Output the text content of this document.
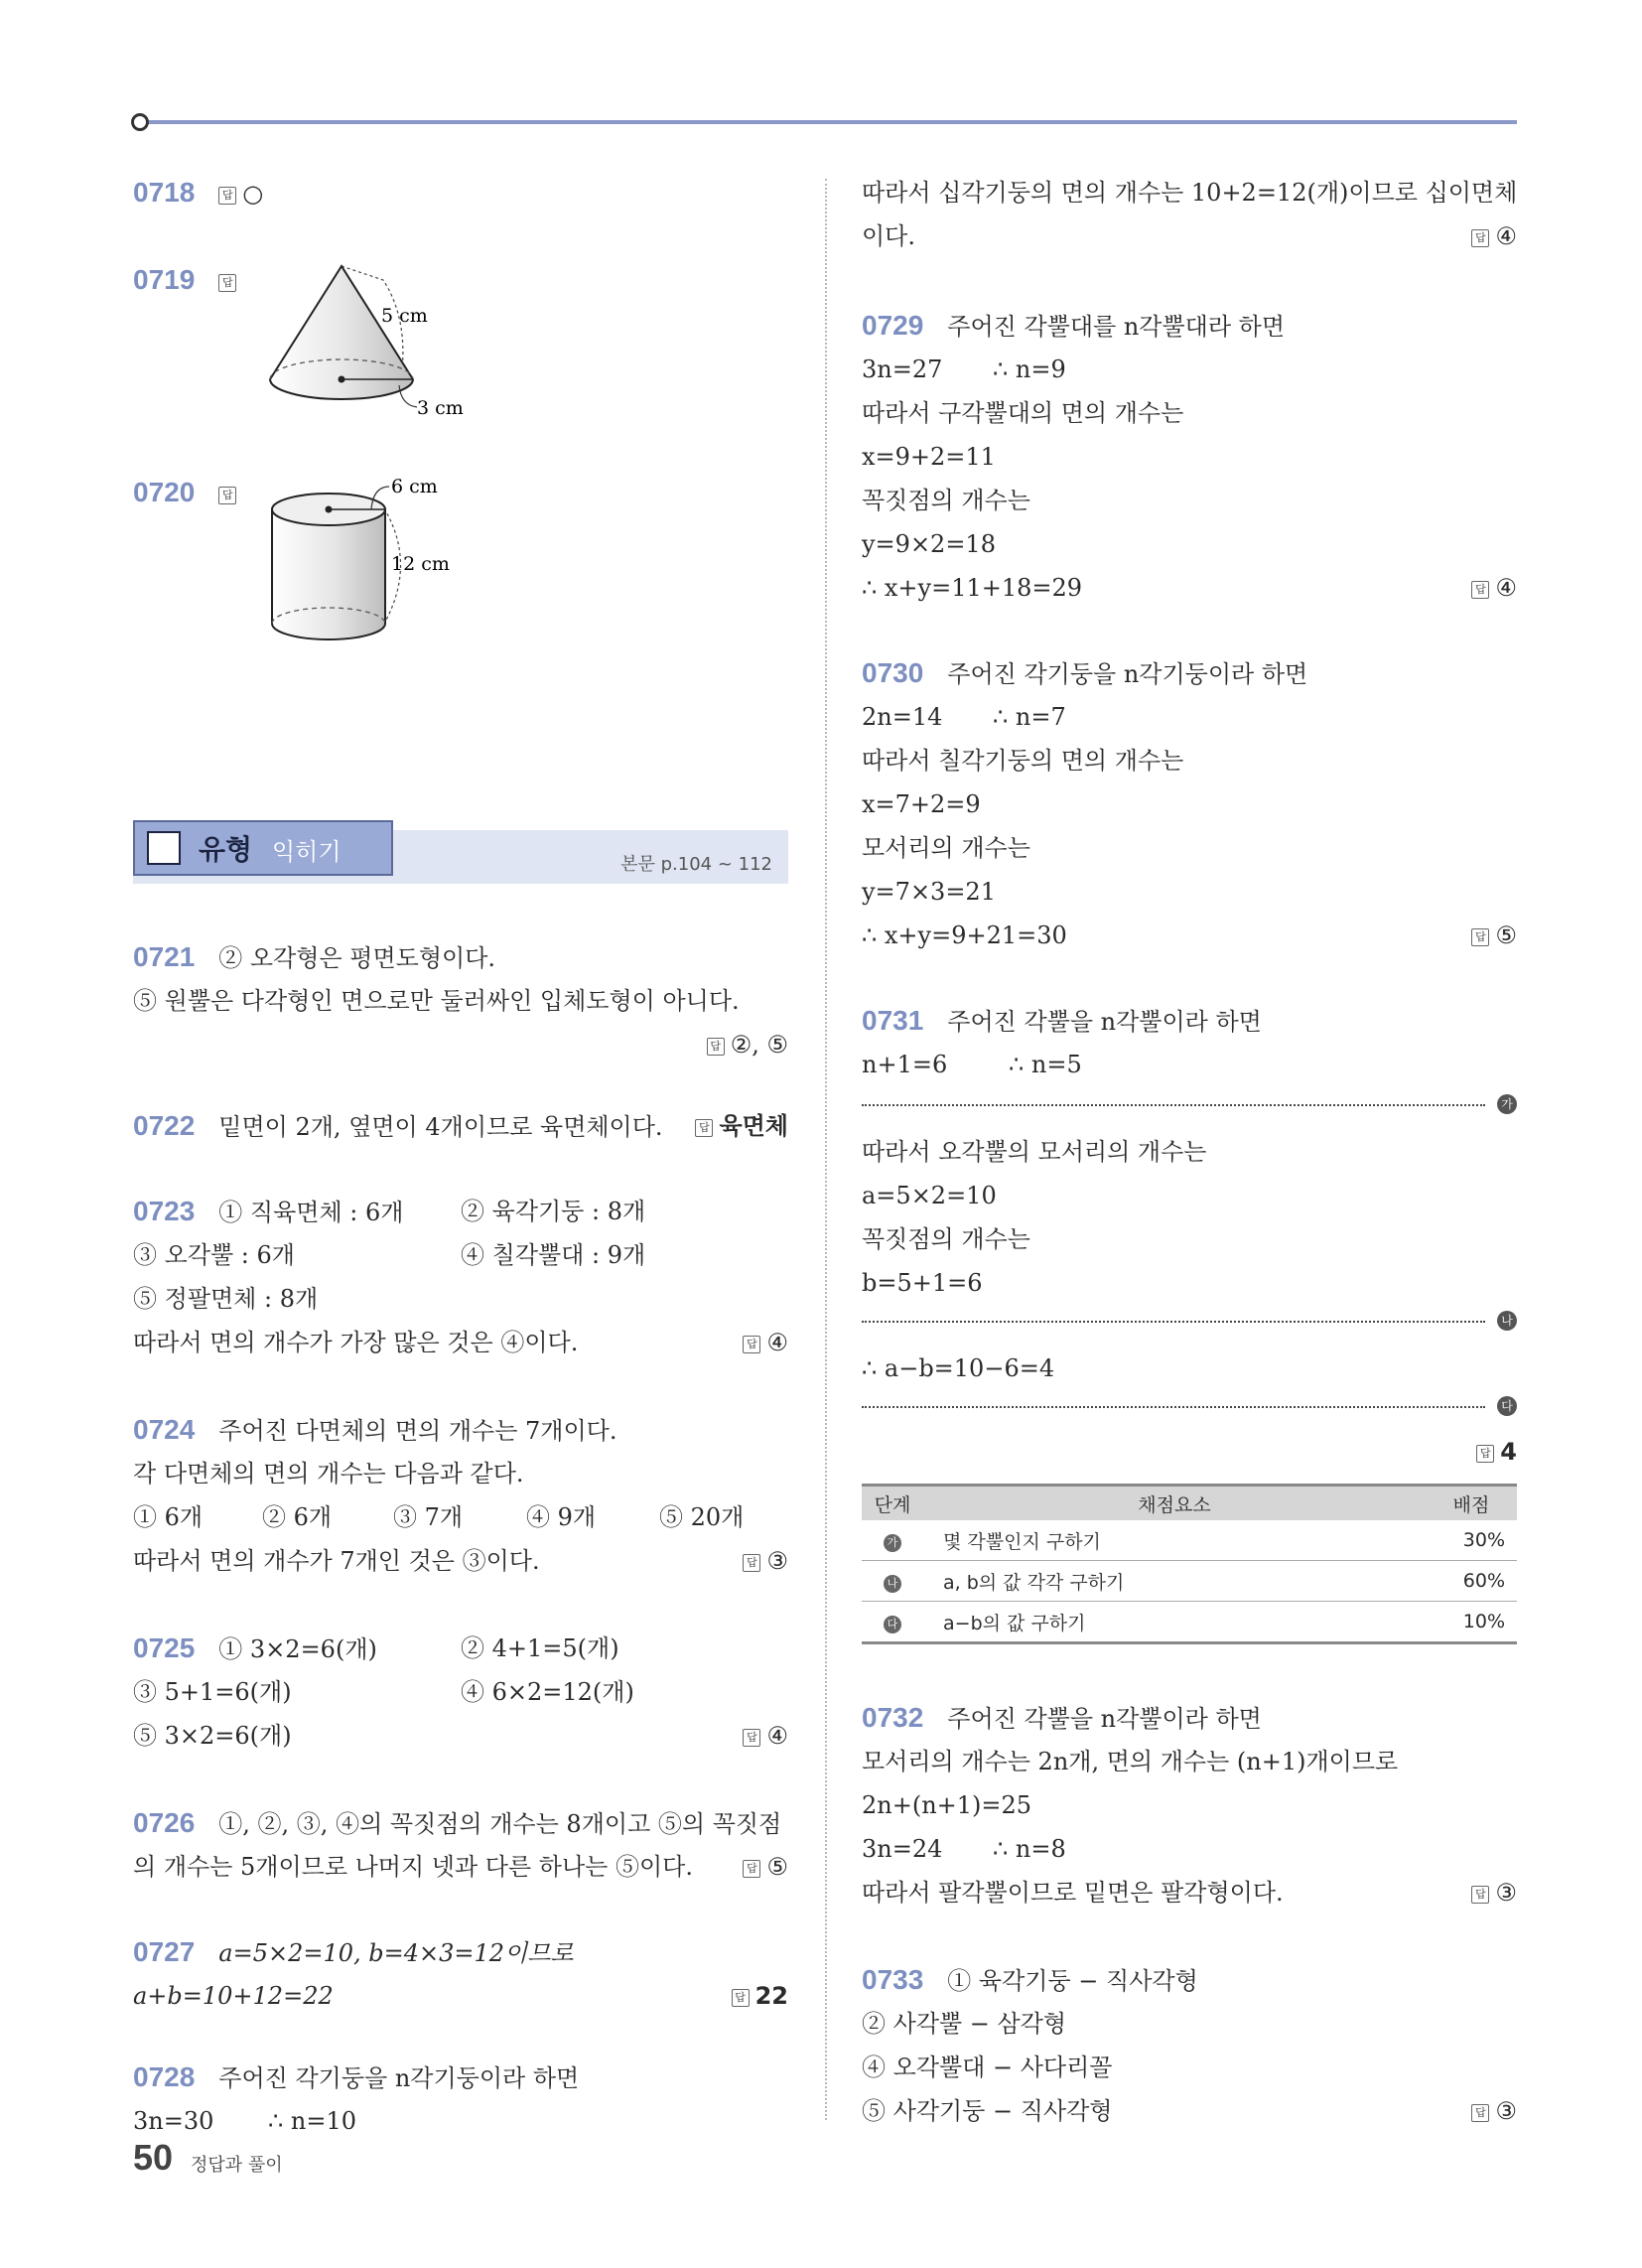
0718	답 ○
0719	답
5 cm
3 cm
0720	답	6 cm
12 cm
유형 익히기	본문 p.104 ~ 112
0721 ② 오각형은 평면도형이다.
⑤ 원뿔은 다각형인 면으로만 둘러싸인 입체도형이 아니다.
답 ②, ⑤
0722 밑면이 2개, 옆면이 4개이므로 육면체이다.	답 육면체
0723 ① 직육면체 : 6개 ② 육각기둥 : 8개
③ 오각뿔 : 6개	④ 칠각뿔대 : 9개
⑤ 정팔면체 : 8개
따라서 면의 개수가 가장 많은 것은 ④이다.	답 ④
0724 주어진 다면체의 면의 개수는 7개이다.
각 다면체의 면의 개수는 다음과 같다.
① 6개 ② 6개	③ 7개	④ 9개	⑤ 20개
따라서 면의 개수가 7개인 것은 ③이다.	답 ③
0725 ① 3×2=6(개)	② 4+1=5(개)
③ 5+1=6(개)	④ 6×2=12(개)
⑤ 3×2=6(개)	답 ④
0726 ①, ②, ③, ④의 꼭짓점의 개수는 8개이고 ⑤의 꼭짓점
의 개수는 5개이므로 나머지 넷과 다른 하나는 ⑤이다.	답 ⑤
0727 a=5×2=10, b=4×3=12이므로
a+b=10+12=22	답 22
0728 주어진 각기둥을 n각기둥이라 하면
3n=30 ∴ n=10
따라서 십각기둥의 면의 개수는 10+2=12(개)이므로 십이면체
이다.	답 ④
0729 주어진 각뿔대를 n각뿔대라 하면
3n=27 ∴ n=9
따라서 구각뿔대의 면의 개수는
x=9+2=11
꼭짓점의 개수는
y=9×2=18
∴ x+y=11+18=29	답 ④
0730 주어진 각기둥을 n각기둥이라 하면
2n=14 ∴ n=7
따라서 칠각기둥의 면의 개수는
x=7+2=9
모서리의 개수는
y=7×3=21
∴ x+y=9+21=30	답 ⑤
0731 주어진 각뿔을 n각뿔이라 하면
n+1=6	∴ n=5
가
따라서 오각뿔의 모서리의 개수는
a=5×2=10
꼭짓점의 개수는
b=5+1=6
나
∴ a−b=10−6=4
다
답 4
단계	채점요소	배점
가	몇 각뿔인지 구하기	30%
나	a, b의 값 각각 구하기	60%
다	a−b의 값 구하기	10%
0732 주어진 각뿔을 n각뿔이라 하면
모서리의 개수는 2n개, 면의 개수는 (n+1)개이므로
2n+(n+1)=25
3n=24 ∴ n=8
따라서 팔각뿔이므로 밑면은 팔각형이다.	답 ③
0733 ① 육각기둥 − 직사각형
② 사각뿔 − 삼각형
④ 오각뿔대 − 사다리꼴
⑤ 사각기둥 − 직사각형	답 ③
50 정답과 풀이
